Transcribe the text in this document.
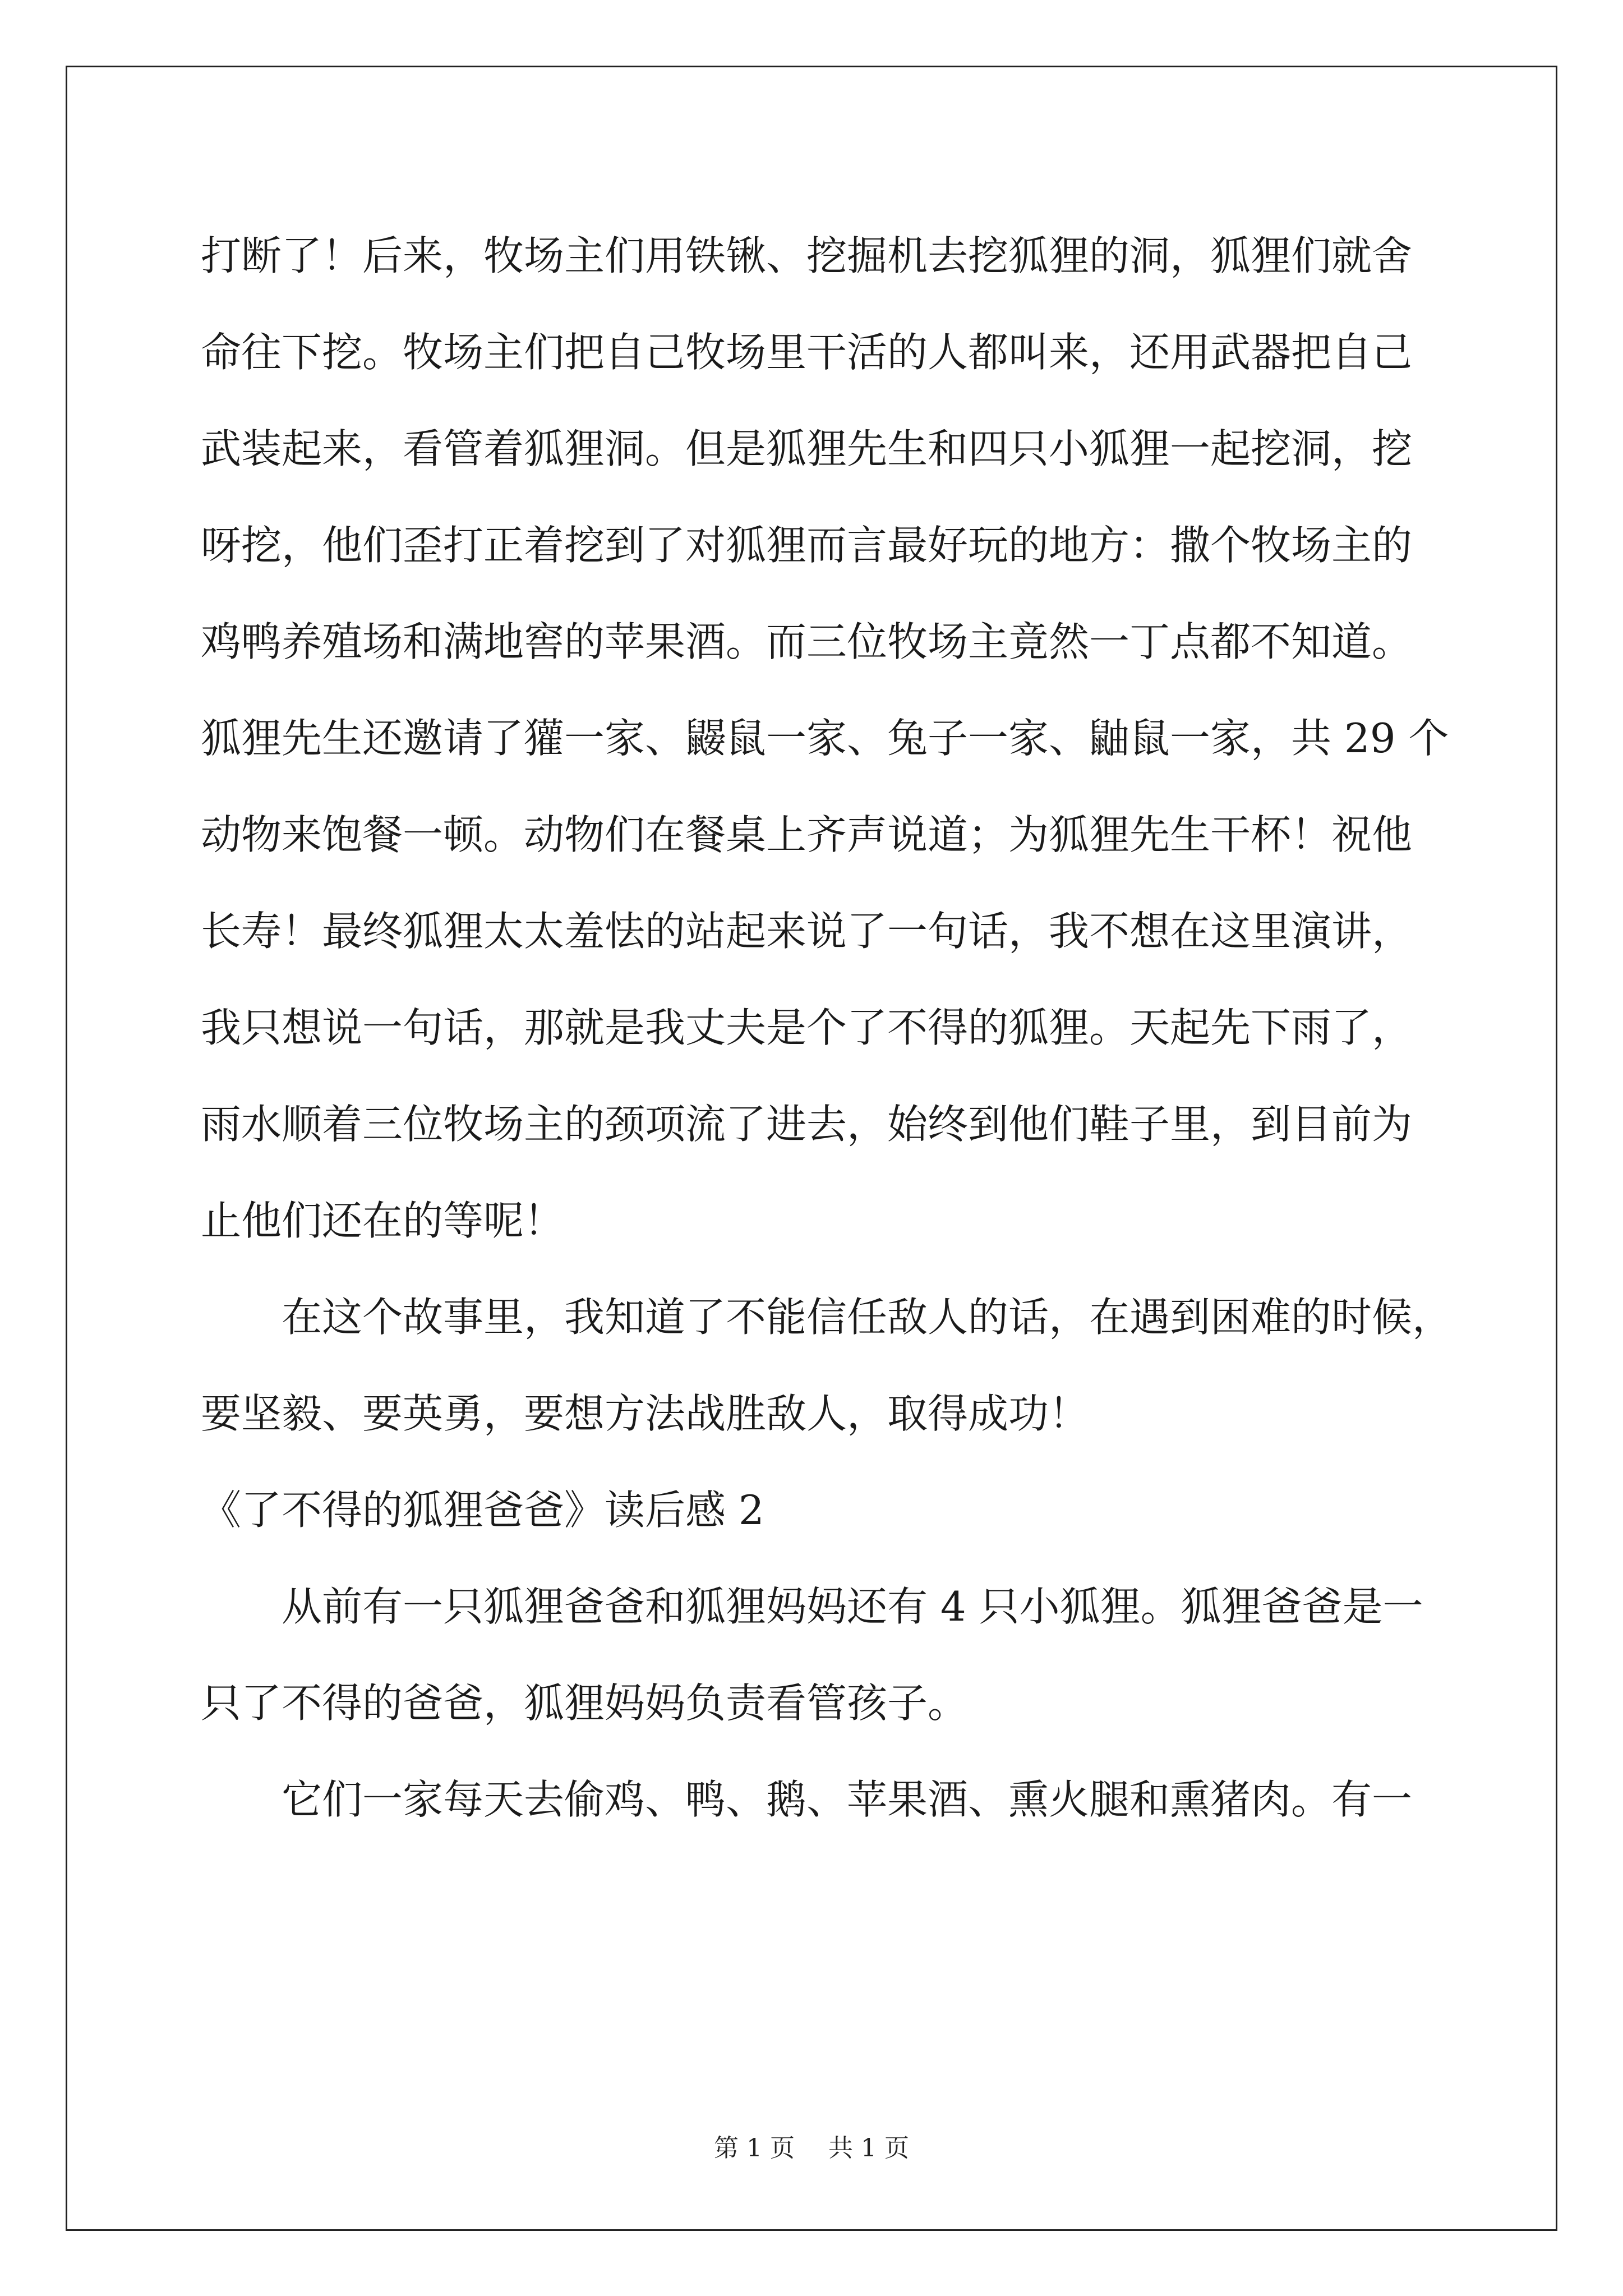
打断了！后来，牧场主们用铁锹、挖掘机去挖狐狸的洞，狐狸们就舍
命往下挖。牧场主们把自己牧场里干活的人都叫来，还用武器把自己
武装起来，看管着狐狸洞。但是狐狸先生和四只小狐狸一起挖洞，挖
呀挖，他们歪打正着挖到了对狐狸而言最好玩的地方：撒个牧场主的
鸡鸭养殖场和满地窖的苹果酒。而三位牧场主竟然一丁点都不知道。
狐狸先生还邀请了獾一家、鼹鼠一家、兔子一家、鼬鼠一家，共 29 个
动物来饱餐一顿。动物们在餐桌上齐声说道；为狐狸先生干杯！祝他
长寿！最终狐狸太太羞怯的站起来说了一句话，我不想在这里演讲，
我只想说一句话，那就是我丈夫是个了不得的狐狸。天起先下雨了，
雨水顺着三位牧场主的颈项流了进去，始终到他们鞋子里，到目前为
止他们还在的等呢！
在这个故事里，我知道了不能信任敌人的话，在遇到困难的时候，
要坚毅、要英勇，要想方法战胜敌人，取得成功！
《了不得的狐狸爸爸》读后感 2
从前有一只狐狸爸爸和狐狸妈妈还有 4 只小狐狸。狐狸爸爸是一
只了不得的爸爸，狐狸妈妈负责看管孩子。
它们一家每天去偷鸡、鸭、鹅、苹果酒、熏火腿和熏猪肉。有一
第 1 页 共 1 页
